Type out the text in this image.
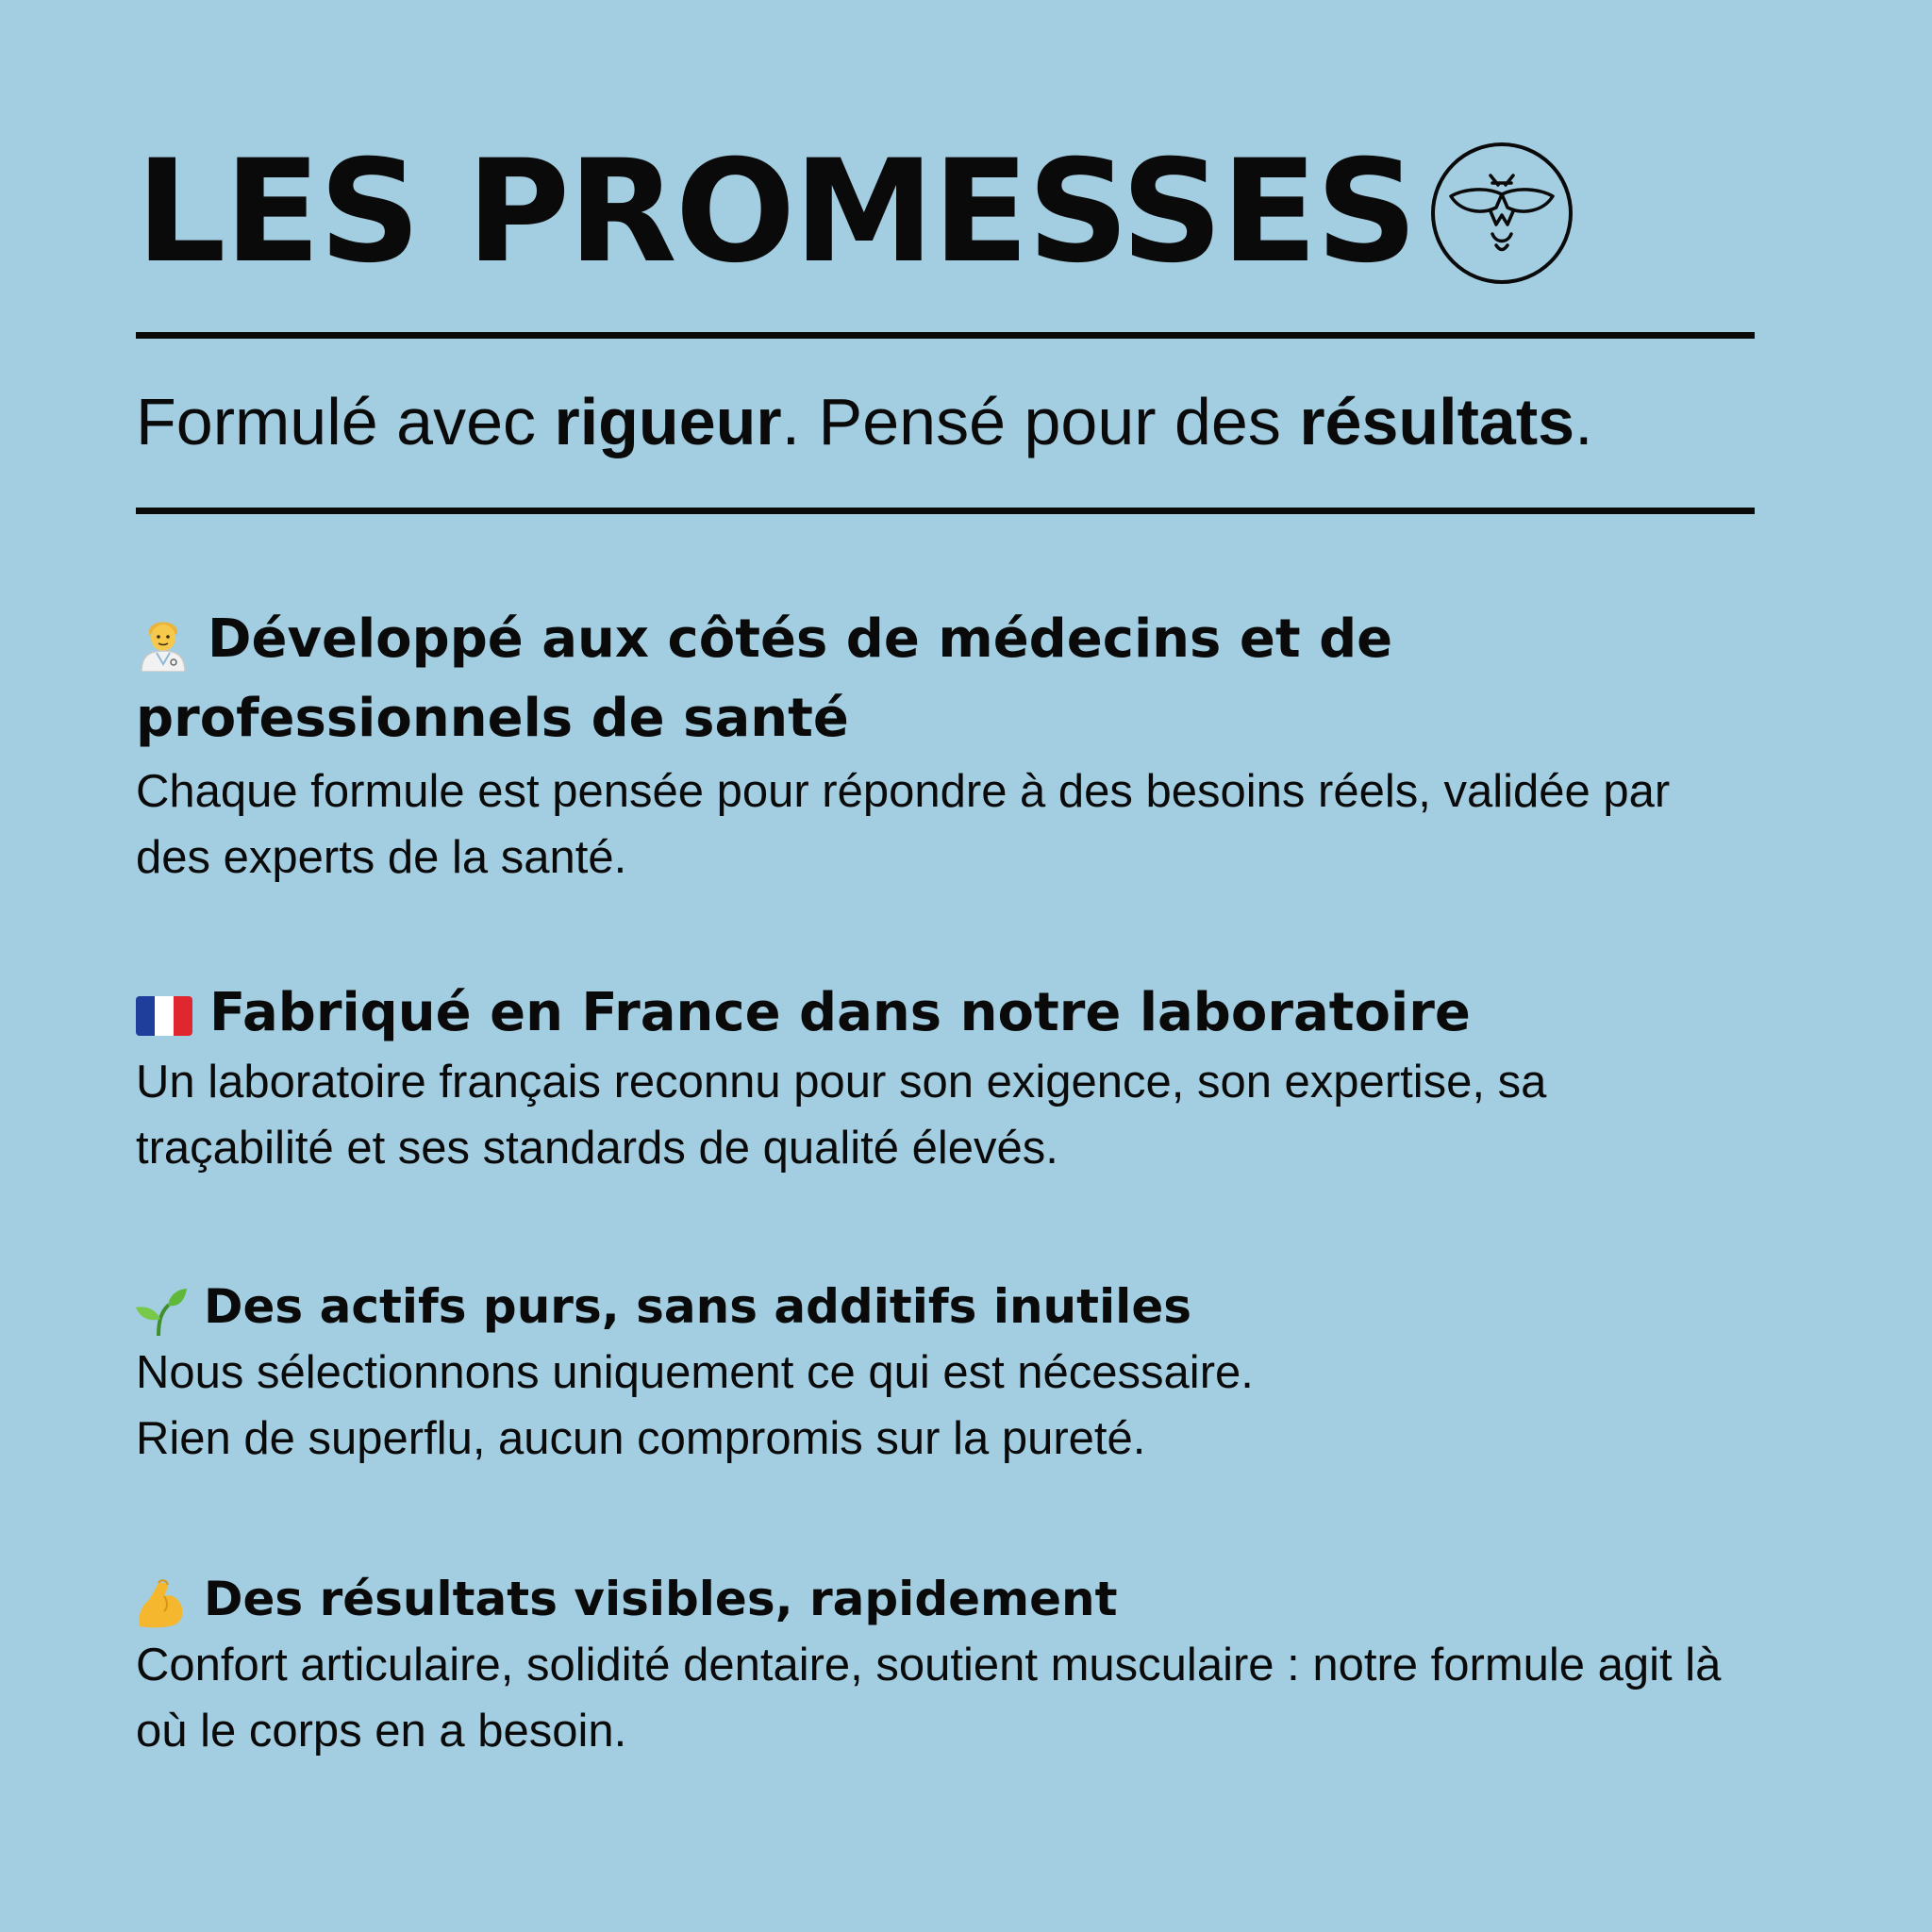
LES PROMESSES
Formulé avec rigueur. Pensé pour des résultats.

Développé aux côtés de médecins et de professionnels de santé

Chaque formule est pensée pour répondre à des besoins réels, validée par des experts de la santé.

Fabriqué en France dans notre laboratoire

Un laboratoire français reconnu pour son exigence, son expertise, sa traçabilité et ses standards de qualité élevés.

Des actifs purs, sans additifs inutiles

Nous sélectionnons uniquement ce qui est nécessaire.

Rien de superflu, aucun compromis sur la pureté.

Des résultats visibles, rapidement

Confort articulaire, solidité dentaire, soutient musculaire : notre formule agit là où le corps en a besoin.
